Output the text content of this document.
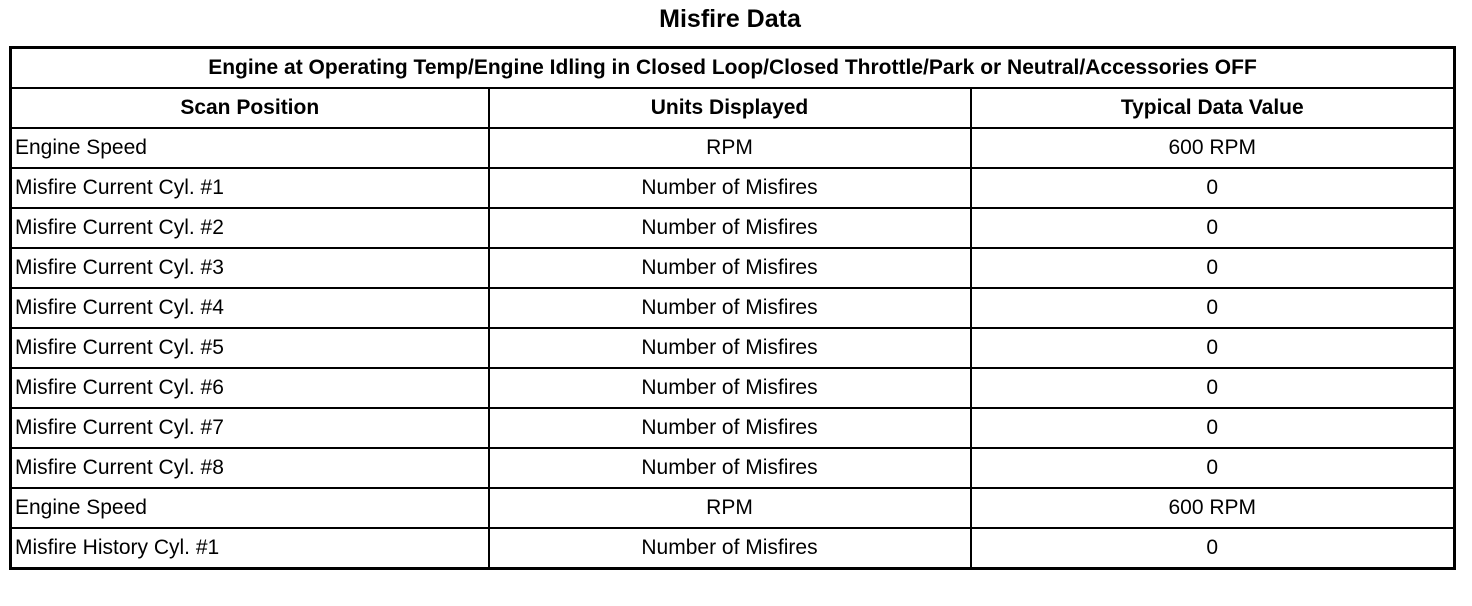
Misfire Data
Engine at Operating Temp/Engine Idling in Closed Loop/Closed Throttle/Park or Neutral/Accessories OFF		
Scan Position	Units Displayed	Typical Data Value
Engine Speed	RPM	600 RPM
Misfire Current Cyl. #1	Number of Misfires	0
Misfire Current Cyl. #2	Number of Misfires	0
Misfire Current Cyl. #3	Number of Misfires	0
Misfire Current Cyl. #4	Number of Misfires	0
Misfire Current Cyl. #5	Number of Misfires	0
Misfire Current Cyl. #6	Number of Misfires	0
Misfire Current Cyl. #7	Number of Misfires	0
Misfire Current Cyl. #8	Number of Misfires	0
Engine Speed	RPM	600 RPM
Misfire History Cyl. #1	Number of Misfires	0
